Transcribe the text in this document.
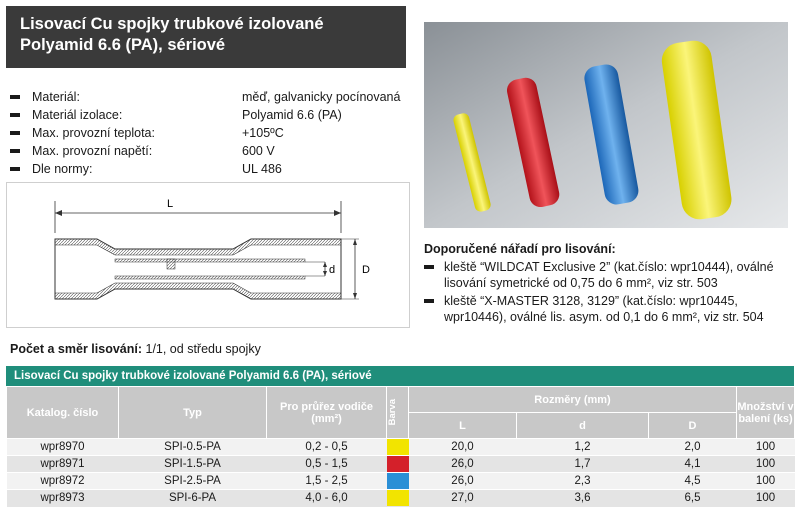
Lisovací Cu spojky trubkové izolované
Polyamid 6.6 (PA), sériové
Materiál:	měď, galvanicky pocínovaná
Materiál izolace:	Polyamid 6.6 (PA)
Max. provozní teplota:	+105ºC
Max. provozní napětí:	600 V
Dle normy:	UL 486
L
d D
Počet a směr lisování: 1/1, od středu spojky
Doporučené nářadí pro lisování:
kleště “WILDCAT Exclusive 2” (kat.číslo: wpr10444), oválné lisování symetrické od 0,75 do 6 mm², viz str. 503
kleště “X-MASTER 3128, 3129” (kat.číslo: wpr10445, wpr10446), oválné lis. asym. od 0,1 do 6 mm², viz str. 504
Lisovací Cu spojky trubkové izolované Polyamid 6.6 (PA), sériové
Katalog. číslo	Typ	Pro průřez vodiče (mm²)	Barva	Rozměry (mm)			Množství v balení (ks)
				L	d	D	
wpr8970	SPI-0.5-PA	0,2 - 0,5		20,0	1,2	2,0	100
wpr8971	SPI-1.5-PA	0,5 - 1,5		26,0	1,7	4,1	100
wpr8972	SPI-2.5-PA	1,5 - 2,5		26,0	2,3	4,5	100
wpr8973	SPI-6-PA	4,0 - 6,0		27,0	3,6	6,5	100
